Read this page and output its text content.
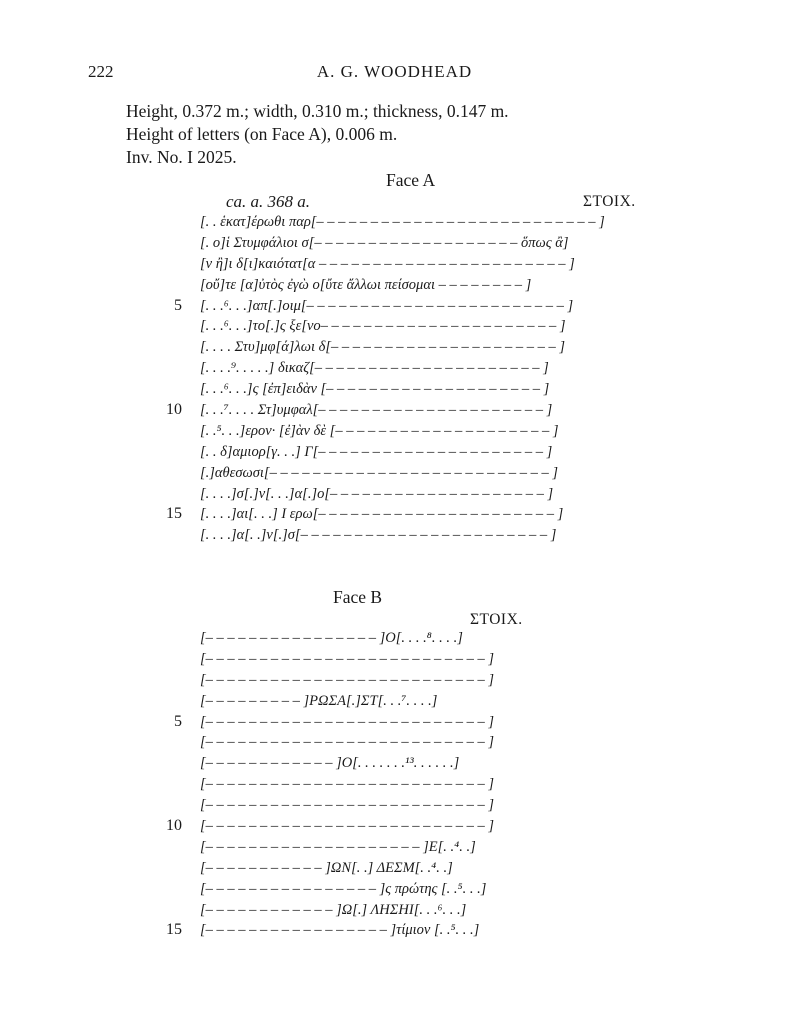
222	A. G. WOODHEAD
Height, 0.372 m.; width, 0.310 m.; thickness, 0.147 m.
Height of letters (on Face A), 0.006 m.
Inv. No. I 2025.
Face A
ca. a. 368 a.	ΣΤΟΙΧ.
[. . ἑκατ]έρωθι παρ[– – – – – – – – – – – – – – – – – – – – – – – – – – ]
[. ο]ἱ Στυμφάλιοι σ[– – – – – – – – – – – – – – – – – – – ὅπως ἂ]
[ν ἢ]ι δ[ι]καιότατ[α – – – – – – – – – – – – – – – – – – – – – – – ]
[οὔ]τε [α]ὐτὸς ἐγὼ ο[ὔτε ἄλλωι πείσομαι – – – – – – – – ]
5 [. . .⁶. . .]απ[.]οιμ[– – – – – – – – – – – – – – – – – – – – – – – – ]
[. . .⁶. . .]το[.]ς ξε[νο– – – – – – – – – – – – – – – – – – – – – – ]
[. . . . Στυ]μφ[ά]λωι δ[– – – – – – – – – – – – – – – – – – – – – ]
[. . . .⁹. . . . .] δικαζ[– – – – – – – – – – – – – – – – – – – – – ]
[. . .⁶. . .]ς [ἐπ]ειδὰν [– – – – – – – – – – – – – – – – – – – – ]
10 [. . .⁷. . . . Στ]υμφαλ[– – – – – – – – – – – – – – – – – – – – – ]
[. .⁵. . .]ερον· [ἐ]ὰν δὲ [– – – – – – – – – – – – – – – – – – – – ]
[. . δ]αμιορ[γ. . .] Γ[– – – – – – – – – – – – – – – – – – – – – ]
[.]αθεσωσι[– – – – – – – – – – – – – – – – – – – – – – – – – – ]
[. . . .]σ[.]ν[. . .]α[.]ο[– – – – – – – – – – – – – – – – – – – – ]
15 [. . . .]αι[. . .] Ι ερω[– – – – – – – – – – – – – – – – – – – – – – ]
[. . . .]α[. .]ν[.]σ[– – – – – – – – – – – – – – – – – – – – – – – ]
Face B
ΣΤΟΙΧ.
[– – – – – – – – – – – – – – – – ]Ο[. . . .⁸. . . .]
[– – – – – – – – – – – – – – – – – – – – – – – – – – ]
[– – – – – – – – – – – – – – – – – – – – – – – – – – ]
[– – – – – – – – – ]ΡΩΣΑ[.]ΣΤ[. . .⁷. . . .]
5 [– – – – – – – – – – – – – – – – – – – – – – – – – – ]
[– – – – – – – – – – – – – – – – – – – – – – – – – – ]
[– – – – – – – – – – – – ]Ο[. . . . . . .¹³. . . . . .]
[– – – – – – – – – – – – – – – – – – – – – – – – – – ]
[– – – – – – – – – – – – – – – – – – – – – – – – – – ]
10 [– – – – – – – – – – – – – – – – – – – – – – – – – – ]
[– – – – – – – – – – – – – – – – – – – – ]Ε[. .⁴. .]
[– – – – – – – – – – – ]ΩΝ[. .] ΔΕΣΜ[. .⁴. .]
[– – – – – – – – – – – – – – – – ]ς πρώτης [. .⁵. . .]
[– – – – – – – – – – – – ]Ω[.] ΛΗΣΗΙ[. . .⁶. . .]
15 [– – – – – – – – – – – – – – – – – ]τίμιον [. .⁵. . .]
